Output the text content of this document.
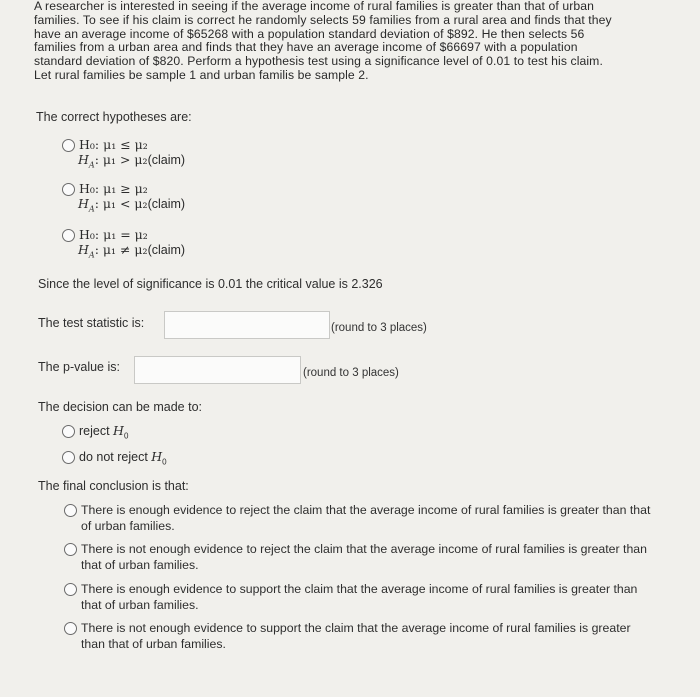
A researcher is interested in seeing if the average income of rural families is greater than that of urban

families. To see if his claim is correct he randomly selects 59 families from a rural area and finds that they

have an average income of $65268 with a population standard deviation of $892. He then selects 56

families from a urban area and finds that they have an average income of $66697 with a population

standard deviation of $820. Perform a hypothesis test using a significance level of 0.01 to test his claim.

Let rural families be sample 1 and urban familis be sample 2.

The correct hypotheses are:
H₀: μ₁ ≤ μ₂
$H_A$: μ₁ > μ₂(claim)
H₀: μ₁ ≥ μ₂
$H_A$: μ₁ < μ₂(claim)
H₀: μ₁ = μ₂
$H_A$: μ₁ ≠ μ₂(claim)
Since the level of significance is 0.01 the critical value is 2.326
The test statistic is:	(round to 3 places)
The p-value is:	(round to 3 places)
The decision can be made to:
reject $H_0$
do not reject $H_0$
The final conclusion is that:
There is enough evidence to reject the claim that the average income of rural families is greater than that of urban families.
There is not enough evidence to reject the claim that the average income of rural families is greater than that of urban families.
There is enough evidence to support the claim that the average income of rural families is greater than that of urban families.
There is not enough evidence to support the claim that the average income of rural families is greater than that of urban families.
